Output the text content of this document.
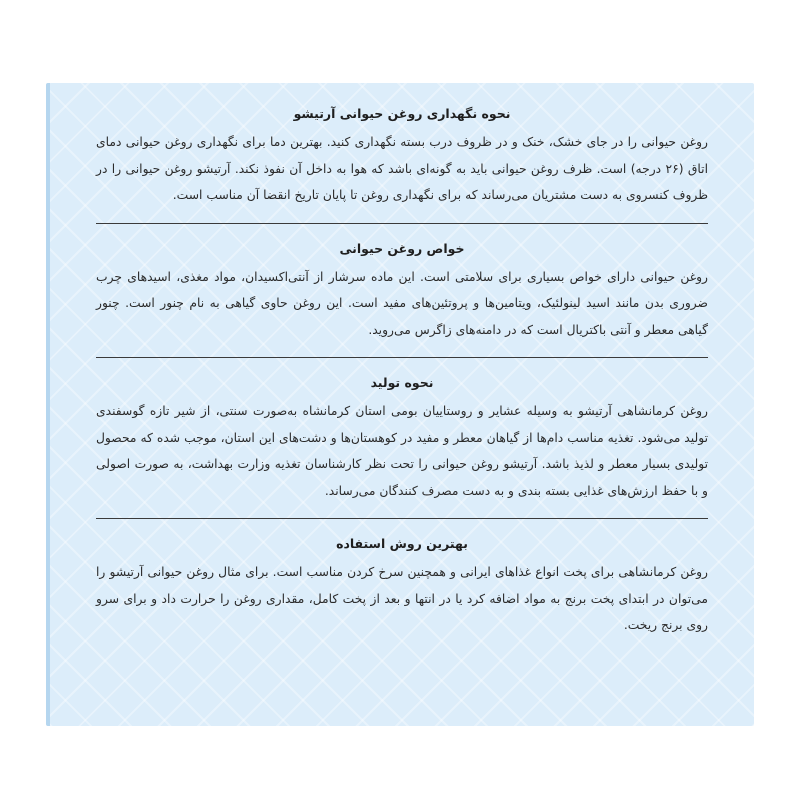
نحوه نگهداری روغن حیوانی آرتیشو

روغن حیوانی را در جای خشک، خنک و در ظروف درب بسته نگهداری کنید. بهترین دما برای نگهداری روغن حیوانی دمای اتاق (۲۶ درجه) است. ظرف روغن حیوانی باید به گونه‌ای باشد که هوا به داخل آن نفوذ نکند. آرتیشو روغن حیوانی را در ظروف کنسروی به دست مشتریان می‌رساند که برای نگهداری روغن تا پایان تاریخ انقضا آن مناسب است.

خواص روغن حیوانی

روغن حیوانی دارای خواص بسیاری برای سلامتی است. این ماده سرشار از آنتی‌اکسیدان، مواد مغذی، اسیدهای چرب ضروری بدن مانند اسید لینولئیک، ویتامین‌ها و پروتئین‌های مفید است. این روغن حاوی گیاهی به نام چنور است. چنور گیاهی معطر و آنتی باکتریال است که در دامنه‌های زاگرس می‌روید.

نحوه تولید

روغن کرمانشاهی آرتیشو به وسیله عشایر و روستاییان بومی استان کرمانشاه به‌صورت سنتی، از شیر تازه گوسفندی تولید می‌شود. تغذیه مناسب دام‌ها از گیاهان معطر و مفید در کوهستان‌ها و دشت‌های این استان، موجب شده که محصول تولیدی بسیار معطر و لذیذ باشد. آرتیشو روغن حیوانی را تحت نظر کارشناسان تغذیه وزارت بهداشت، به صورت اصولی و با حفظ ارزش‌های غذایی بسته بندی و به دست مصرف کنندگان می‌رساند.

بهترین روش استفاده

روغن کرمانشاهی برای پخت انواع غذاهای ایرانی و همچنین سرخ کردن مناسب است. برای مثال روغن حیوانی آرتیشو را می‌توان در ابتدای پخت برنج به مواد اضافه کرد یا در انتها و بعد از پخت کامل، مقداری روغن را حرارت داد و برای سرو روی برنج ریخت.
